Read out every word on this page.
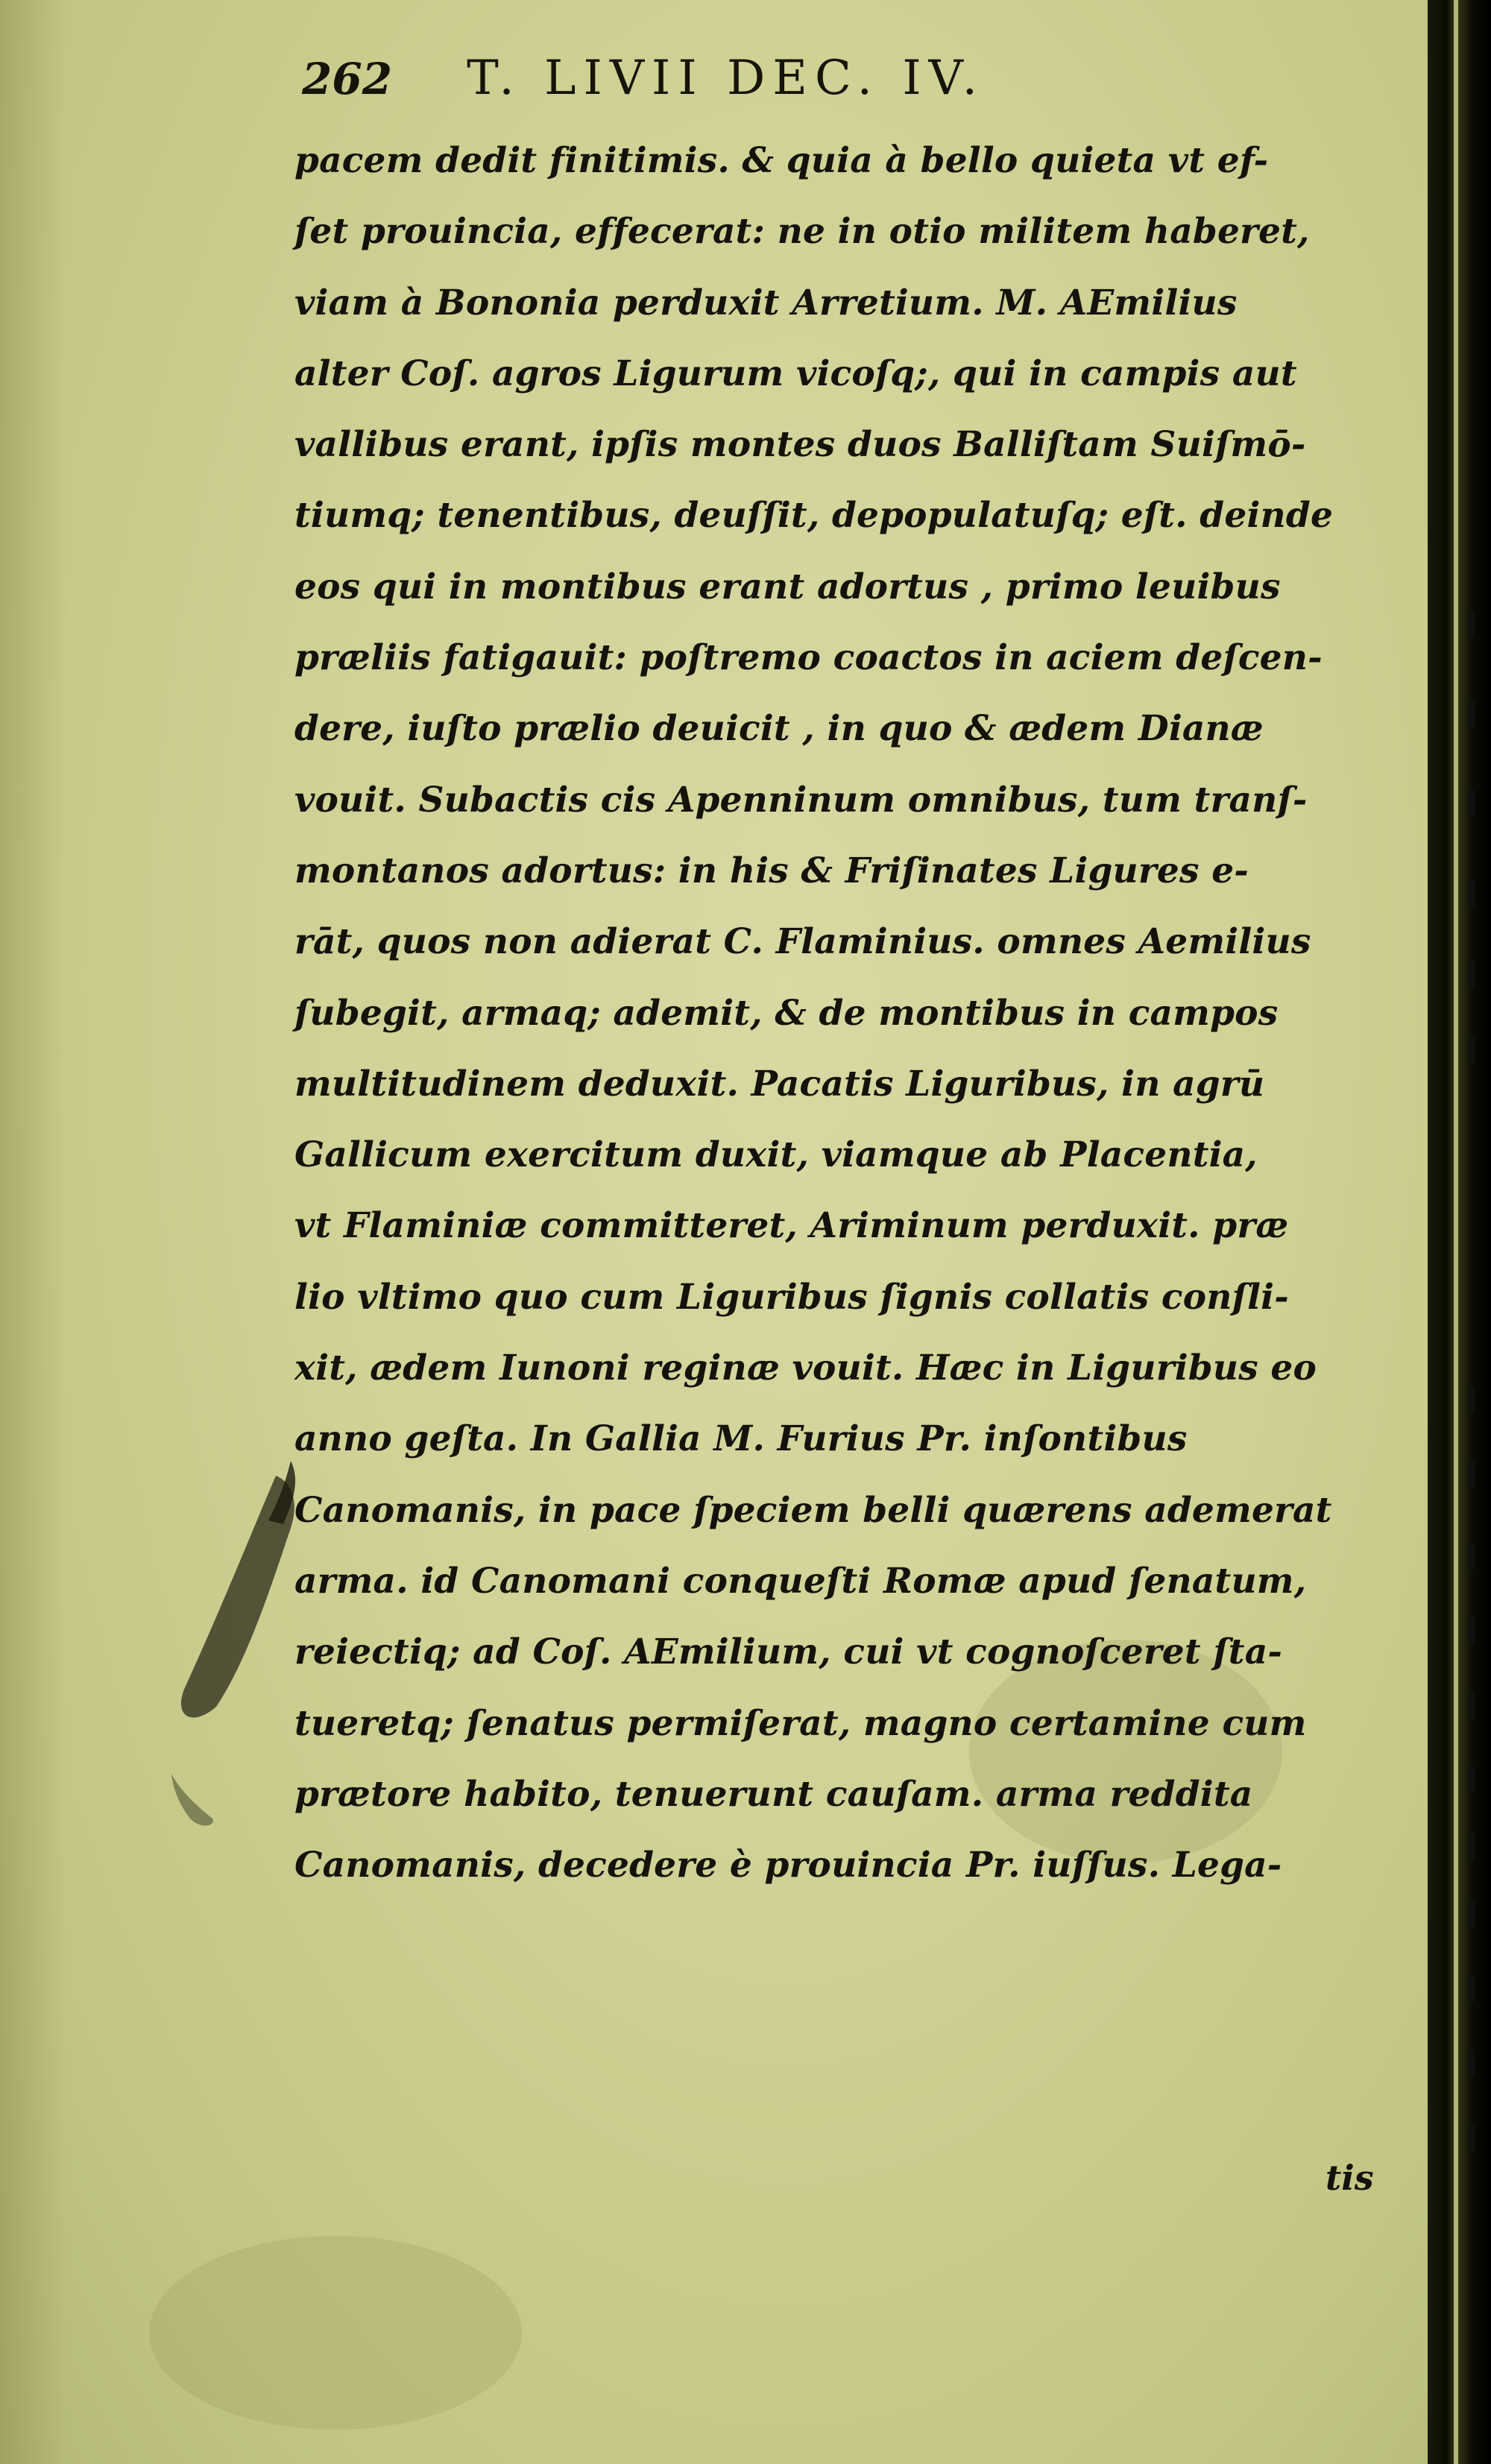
262 T. LIVII DEC. IV.
pacem dedit finitimis. & quia à bello quieta vt ef-
ſet prouincia, effecerat: ne in otio militem haberet,
viam à Bononia perduxit Arretium. M. AEmilius
alter Coſ. agros Ligurum vicoſq;, qui in campis aut
vallibus erant, ipſis montes duos Balliſtam Suiſmō-
tiumq; tenentibus, deuſſit, depopulatuſq; eſt. deinde
eos qui in montibus erant adortus , primo leuibus
præliis fatigauit: poſtremo coactos in aciem deſcen-
dere, iuſto prælio deuicit , in quo & ædem Dianæ
vouit. Subactis cis Apenninum omnibus, tum tranſ-
montanos adortus: in his & Friſinates Ligures e-
rāt, quos non adierat C. Flaminius. omnes Aemilius
ſubegit, armaq; ademit, & de montibus in campos
multitudinem deduxit. Pacatis Liguribus, in agrū
Gallicum exercitum duxit, viamque ab Placentia,
vt Flaminiæ committeret, Ariminum perduxit. præ
lio vltimo quo cum Liguribus ſignis collatis conſli-
xit, ædem Iunoni reginæ vouit. Hæc in Liguribus eo
anno geſta. In Gallia M. Furius Pr. inſontibus
Canomanis, in pace ſpeciem belli quærens ademerat
arma. id Canomani conqueſti Romæ apud ſenatum,
reiectiq; ad Coſ. AEmilium, cui vt cognoſceret ſta-
tueretq; ſenatus permiſerat, magno certamine cum
prætore habito, tenuerunt cauſam. arma reddita
Canomanis, decedere è prouincia Pr. iuſſus. Lega-
tis
